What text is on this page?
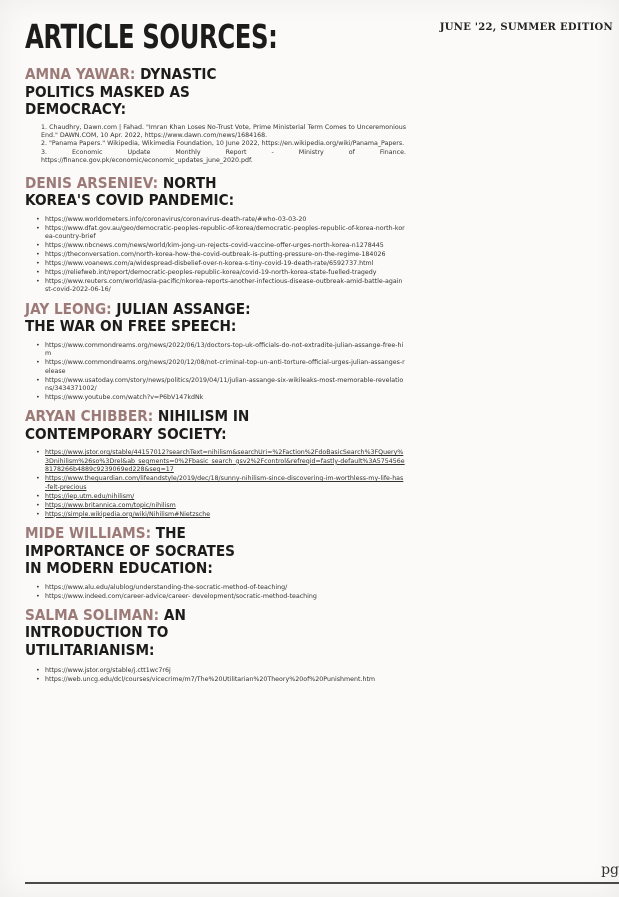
JUNE '22, SUMMER EDITION
ARTICLE SOURCES:
AMNA YAWAR: DYNASTIC POLITICS MASKED AS DEMOCRACY:
1. Chaudhry, Dawn.com | Fahad. "Imran Khan Loses No-Trust Vote, Prime Ministerial Term Comes to Unceremonious End." DAWN.COM, 10 Apr. 2022, https://www.dawn.com/news/1684168.
2. "Panama Papers." Wikipedia, Wikimedia Foundation, 10 June 2022, https://en.wikipedia.org/wiki/Panama_Papers.
3. Economic Update Monthly Report - Ministry of Finance. https://finance.gov.pk/economic/economic_updates_june_2020.pdf.
DENIS ARSENIEV: NORTH KOREA'S COVID PANDEMIC:
• https://www.worldometers.info/coronavirus/coronavirus-death-rate/#who-03-03-20
• https://www.dfat.gov.au/geo/democratic-peoples-republic-of-korea/democratic-peoples-republic-of-korea-north-korea-country-brief
• https://www.nbcnews.com/news/world/kim-jong-un-rejects-covid-vaccine-offer-urges-north-korea-n1278445
• https://theconversation.com/north-korea-how-the-covid-outbreak-is-putting-pressure-on-the-regime-184026
• https://www.voanews.com/a/widespread-disbelief-over-n-korea-s-tiny-covid-19-death-rate/6592737.html
• https://reliefweb.int/report/democratic-peoples-republic-korea/covid-19-north-korea-state-fuelled-tragedy
• https://www.reuters.com/world/asia-pacific/nkorea-reports-another-infectious-disease-outbreak-amid-battle-against-covid-2022-06-16/
JAY LEONG: JULIAN ASSANGE: THE WAR ON FREE SPEECH:
• https://www.commondreams.org/news/2022/06/13/doctors-top-uk-officials-do-not-extradite-julian-assange-free-him
• https://www.commondreams.org/news/2020/12/08/not-criminal-top-un-anti-torture-official-urges-julian-assanges-release
• https://www.usatoday.com/story/news/politics/2019/04/11/julian-assange-six-wikileaks-most-memorable-revelations/3434371002/
• https://www.youtube.com/watch?v=P6bV147kdNk
ARYAN CHIBBER: NIHILISM IN CONTEMPORARY SOCIETY:
• https://www.jstor.org/stable/44157012?searchText=nihilism&searchUri=%2Faction%2FdoBasicSearch%3FQuery%3Dnihilism%26so%3Drel&ab_segments=0%2Fbasic_search_gsv2%2Fcontrol&refreqid=fastly-default%3A575456e8178266b4889c9239069ed228&seq=17
• https://www.theguardian.com/lifeandstyle/2019/dec/18/sunny-nihilism-since-discovering-im-worthless-my-life-has-felt-precious
• https://iep.utm.edu/nihilism/
• https://www.britannica.com/topic/nihilism
• https://simple.wikipedia.org/wiki/Nihilism#Nietzsche
MIDE WILLIAMS: THE IMPORTANCE OF SOCRATES IN MODERN EDUCATION:
• https://www.alu.edu/alublog/understanding-the-socratic-method-of-teaching/
• https://www.indeed.com/career-advice/career- development/socratic-method-teaching
SALMA SOLIMAN: AN INTRODUCTION TO UTILITARIANISM:
• https://www.jstor.org/stable/j.ctt1wc7r6j
• https://web.uncg.edu/dcl/courses/vicecrime/m7/The%20Utilitarian%20Theory%20of%20Punishment.htm
pg
